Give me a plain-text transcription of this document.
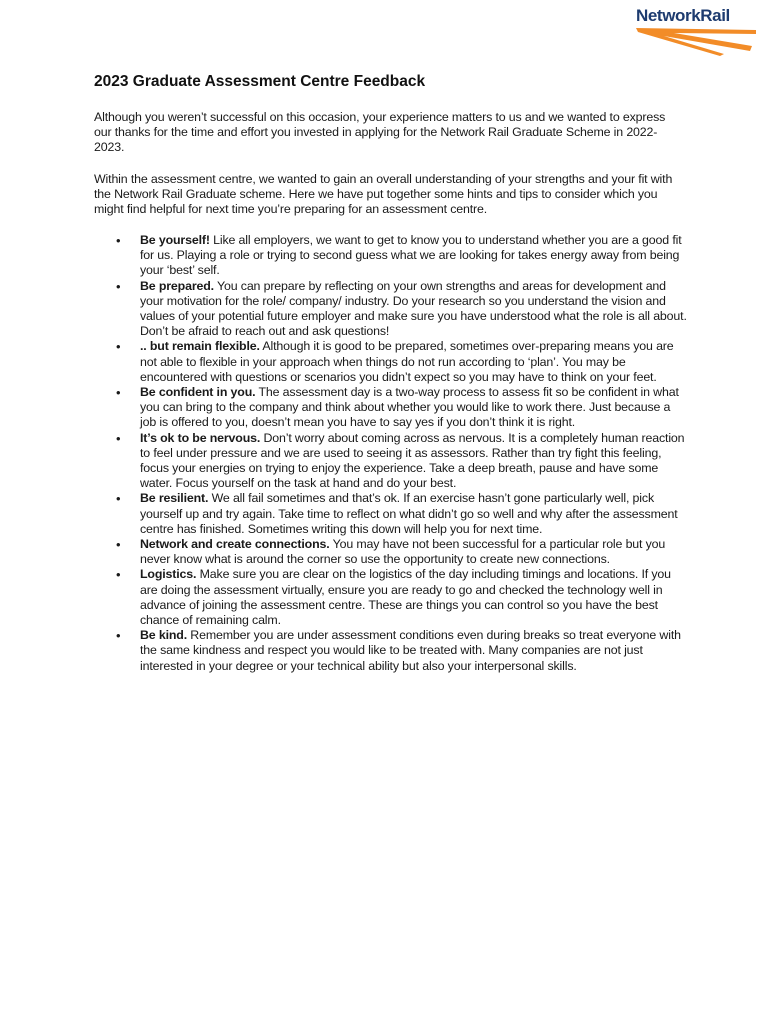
NetworkRail
2023 Graduate Assessment Centre Feedback

Although you weren’t successful on this occasion, your experience matters to us and we wanted to express our thanks for the time and effort you invested in applying for the Network Rail Graduate Scheme in 2022-2023.

Within the assessment centre, we wanted to gain an overall understanding of your strengths and your fit with the Network Rail Graduate scheme. Here we have put together some hints and tips to consider which you might find helpful for next time you’re preparing for an assessment centre.

• Be yourself! Like all employers, we want to get to know you to understand whether you are a good fit for us. Playing a role or trying to second guess what we are looking for takes energy away from being your ‘best’ self.
• Be prepared. You can prepare by reflecting on your own strengths and areas for development and your motivation for the role/ company/ industry. Do your research so you understand the vision and values of your potential future employer and make sure you have understood what the role is all about. Don’t be afraid to reach out and ask questions!
• .. but remain flexible. Although it is good to be prepared, sometimes over-preparing means you are not able to flexible in your approach when things do not run according to ‘plan’. You may be encountered with questions or scenarios you didn’t expect so you may have to think on your feet.
• Be confident in you. The assessment day is a two-way process to assess fit so be confident in what you can bring to the company and think about whether you would like to work there. Just because a job is offered to you, doesn’t mean you have to say yes if you don’t think it is right.
• It’s ok to be nervous. Don’t worry about coming across as nervous. It is a completely human reaction to feel under pressure and we are used to seeing it as assessors. Rather than try fight this feeling, focus your energies on trying to enjoy the experience. Take a deep breath, pause and have some water. Focus yourself on the task at hand and do your best.
• Be resilient. We all fail sometimes and that’s ok. If an exercise hasn’t gone particularly well, pick yourself up and try again. Take time to reflect on what didn’t go so well and why after the assessment centre has finished. Sometimes writing this down will help you for next time.
• Network and create connections. You may have not been successful for a particular role but you never know what is around the corner so use the opportunity to create new connections.
• Logistics. Make sure you are clear on the logistics of the day including timings and locations. If you are doing the assessment virtually, ensure you are ready to go and checked the technology well in advance of joining the assessment centre. These are things you can control so you have the best chance of remaining calm.
• Be kind. Remember you are under assessment conditions even during breaks so treat everyone with the same kindness and respect you would like to be treated with. Many companies are not just interested in your degree or your technical ability but also your interpersonal skills.
